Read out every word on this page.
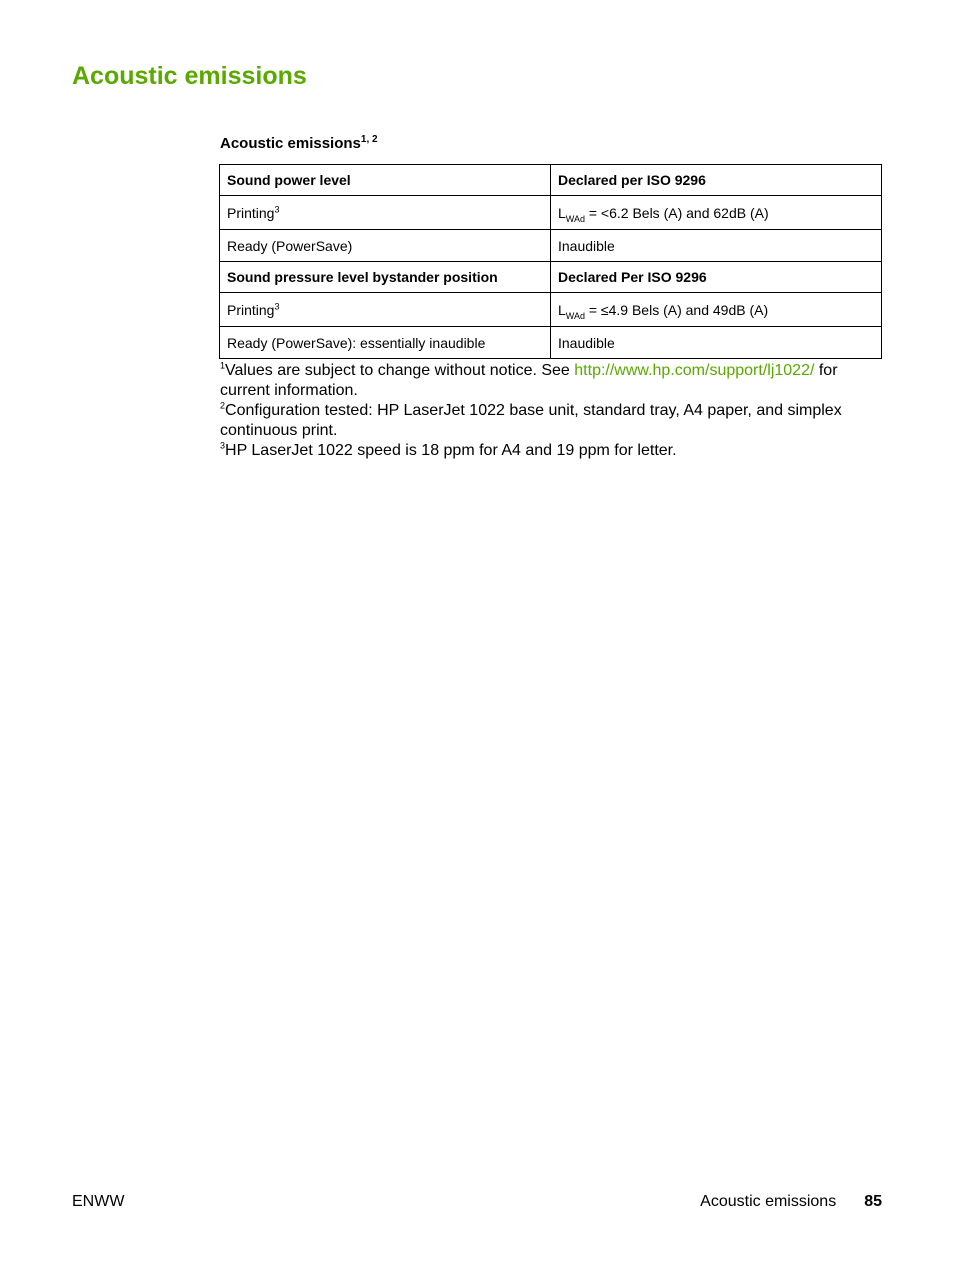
Acoustic emissions
Acoustic emissions$^{1, 2}$
Sound power level	Declared per ISO 9296
Printing$^3$	$L_{WAd} = <6.2$ Bels (A) and 62dB (A)
Ready (PowerSave)	Inaudible
Sound pressure level bystander position	Declared Per ISO 9296
Printing$^3$	$L_{WAd} = \le 4.9$ Bels (A) and 49dB (A)
Ready (PowerSave): essentially inaudible	Inaudible

$^1$Values are subject to change without notice. See http://www.hp.com/support/lj1022/ for current information.

$^2$Configuration tested: HP LaserJet 1022 base unit, standard tray, A4 paper, and simplex continuous print.

$^3$HP LaserJet 1022 speed is 18 ppm for A4 and 19 ppm for letter.

ENWW	Acoustic emissions 85
